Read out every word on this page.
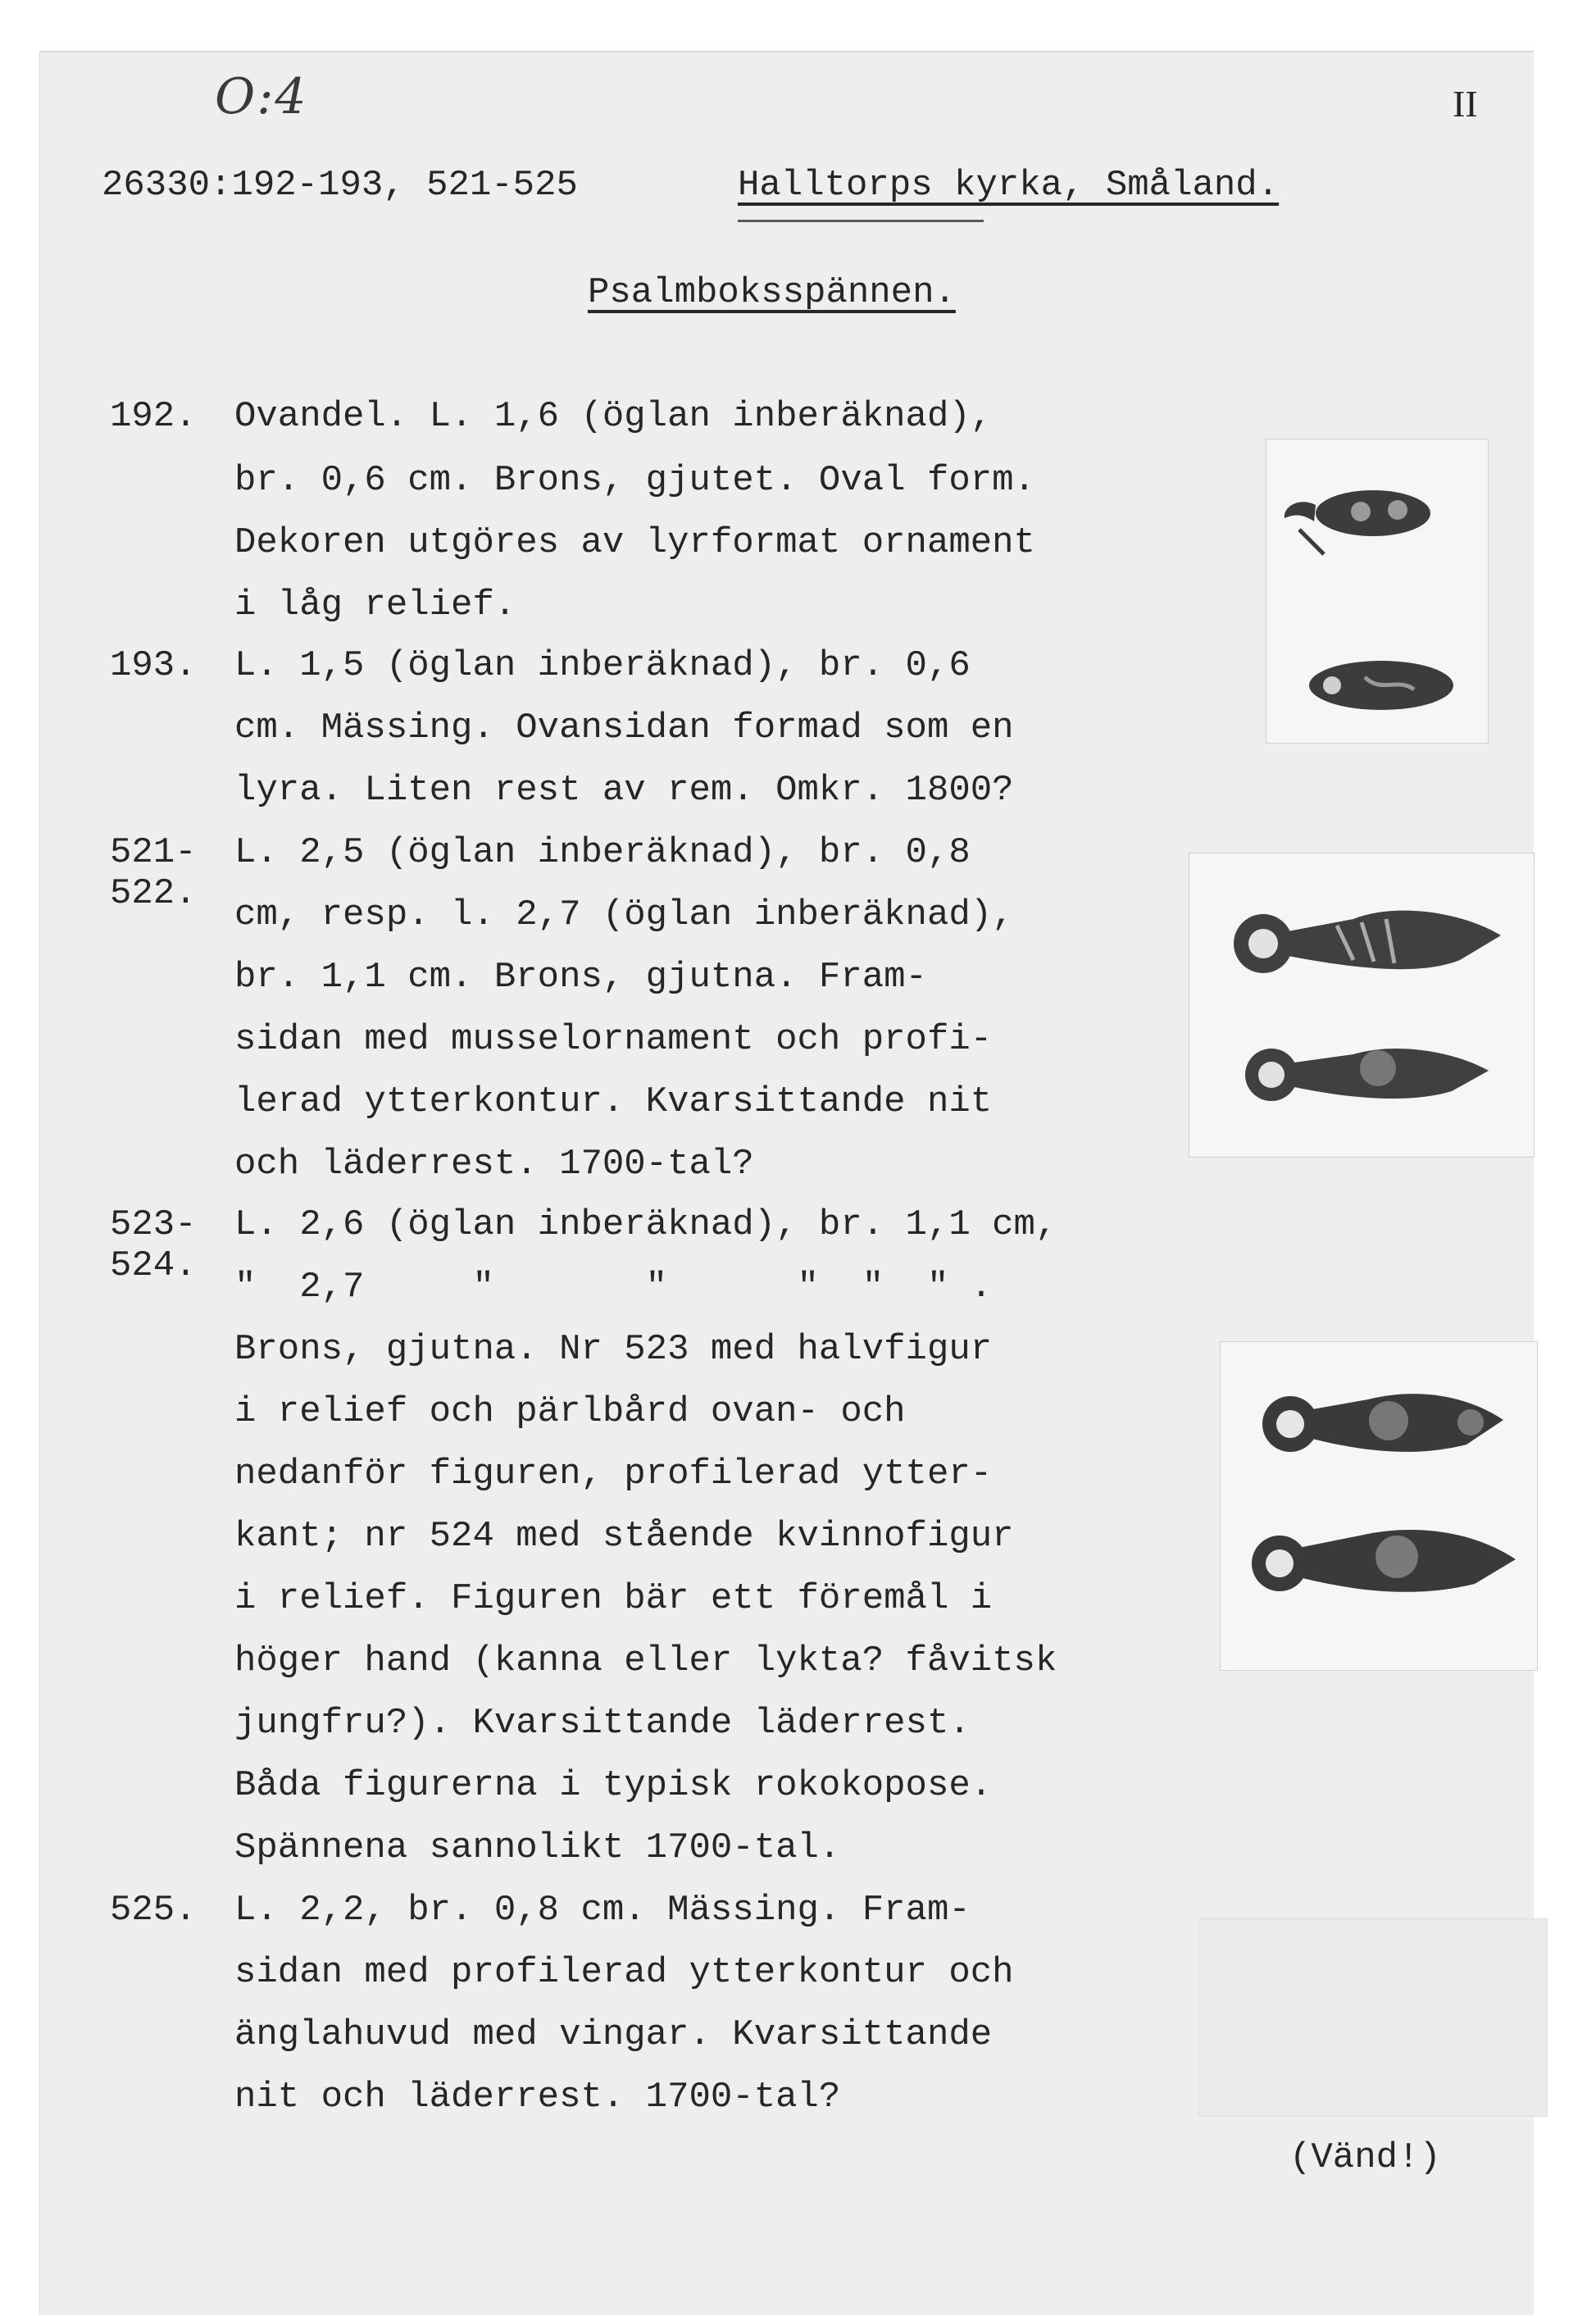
O:4	II
26330:192-193, 521-525	Halltorps kyrka, Småland.
Psalmboksspännen.
192. Ovandel. L. 1,6 (öglan inberäknad),
br. 0,6 cm. Brons, gjutet. Oval form.
Dekoren utgöres av lyrformat ornament
i låg relief.
193. L. 1,5 (öglan inberäknad), br. 0,6
cm. Mässing. Ovansidan formad som en
lyra. Liten rest av rem. Omkr. 1800?
521-
522.
L. 2,5 (öglan inberäknad), br. 0,8
cm, resp. l. 2,7 (öglan inberäknad),
br. 1,1 cm. Brons, gjutna. Fram-
sidan med musselornament och profi-
lerad ytterkontur. Kvarsittande nit
och läderrest. 1700-tal?
523-
524.
L. 2,6 (öglan inberäknad), br. 1,1 cm,
"  2,7     "       "      "  "  " .
Brons, gjutna. Nr 523 med halvfigur
i relief och pärlbård ovan- och
nedanför figuren, profilerad ytter-
kant; nr 524 med stående kvinnofigur
i relief. Figuren bär ett föremål i
höger hand (kanna eller lykta? fåvitsk
jungfru?). Kvarsittande läderrest.
Båda figurerna i typisk rokokopose.
Spännena sannolikt 1700-tal.
525. L. 2,2, br. 0,8 cm. Mässing. Fram-
sidan med profilerad ytterkontur och
änglahuvud med vingar. Kvarsittande
nit och läderrest. 1700-tal?
(Vänd!)
